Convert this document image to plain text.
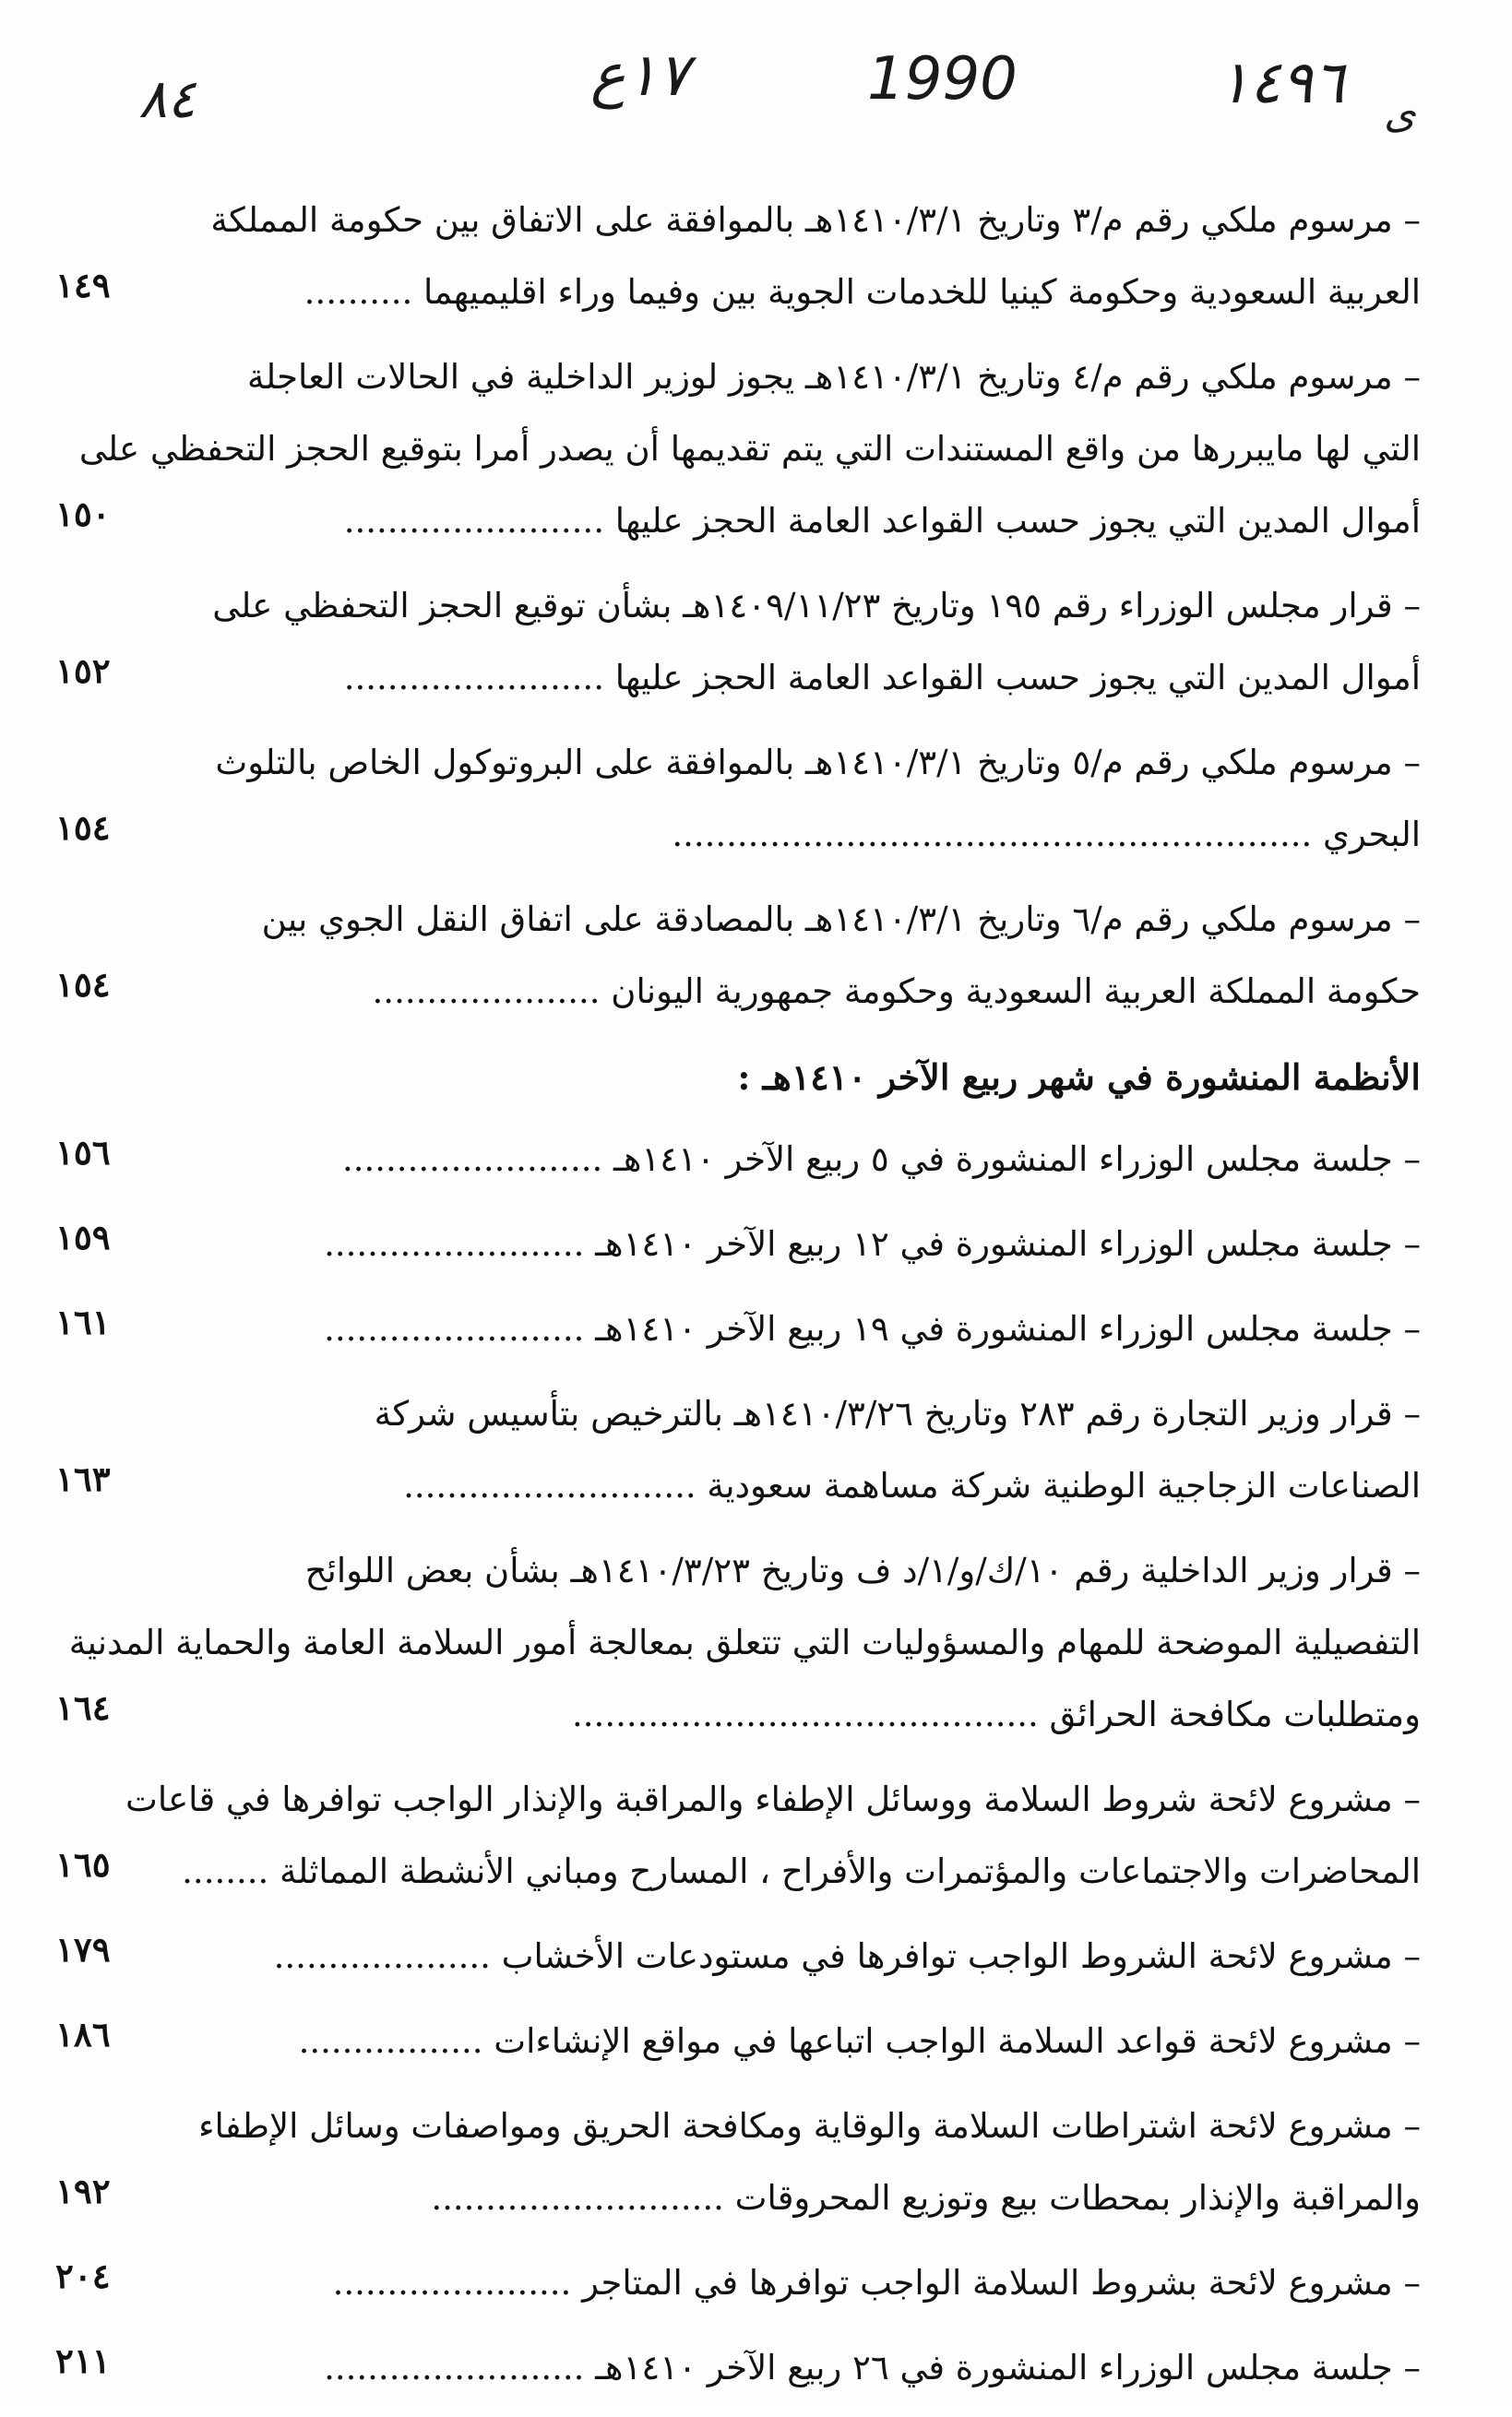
٨٤	١٧ع	1990	١٤٩٦ ى
– مرسوم ملكي رقم م/٣ وتاريخ ١٤١٠/٣/١هـ بالموافقة على الاتفاق بين حكومة المملكة
العربية السعودية وحكومة كينيا للخدمات الجوية بين وفيما وراء اقليميهما ..........
١٤٩
– مرسوم ملكي رقم م/٤ وتاريخ ١٤١٠/٣/١هـ يجوز لوزير الداخلية في الحالات العاجلة
التي لها مايبررها من واقع المستندات التي يتم تقديمها أن يصدر أمرا بتوقيع الحجز التحفظي على
أموال المدين التي يجوز حسب القواعد العامة الحجز عليها ........................
١٥٠
– قرار مجلس الوزراء رقم ١٩٥ وتاريخ ١٤٠٩/١١/٢٣هـ بشأن توقيع الحجز التحفظي على
أموال المدين التي يجوز حسب القواعد العامة الحجز عليها ........................
١٥٢
– مرسوم ملكي رقم م/٥ وتاريخ ١٤١٠/٣/١هـ بالموافقة على البروتوكول الخاص بالتلوث
البحري ...........................................................
١٥٤
– مرسوم ملكي رقم م/٦ وتاريخ ١٤١٠/٣/١هـ بالمصادقة على اتفاق النقل الجوي بين
حكومة المملكة العربية السعودية وحكومة جمهورية اليونان .....................
١٥٤
الأنظمة المنشورة في شهر ربيع الآخر ١٤١٠هـ :
– جلسة مجلس الوزراء المنشورة في ٥ ربيع الآخر ١٤١٠هـ ........................
١٥٦
– جلسة مجلس الوزراء المنشورة في ١٢ ربيع الآخر ١٤١٠هـ ........................
١٥٩
– جلسة مجلس الوزراء المنشورة في ١٩ ربيع الآخر ١٤١٠هـ ........................
١٦١
– قرار وزير التجارة رقم ٢٨٣ وتاريخ ١٤١٠/٣/٢٦هـ بالترخيص بتأسيس شركة
الصناعات الزجاجية الوطنية شركة مساهمة سعودية ...........................
١٦٣
– قرار وزير الداخلية رقم ١٠/ك/و/١/د ف وتاريخ ١٤١٠/٣/٢٣هـ بشأن بعض اللوائح
التفصيلية الموضحة للمهام والمسؤوليات التي تتعلق بمعالجة أمور السلامة العامة والحماية المدنية
ومتطلبات مكافحة الحرائق ...........................................
١٦٤
– مشروع لائحة شروط السلامة ووسائل الإطفاء والمراقبة والإنذار الواجب توافرها في قاعات
المحاضرات والاجتماعات والمؤتمرات والأفراح ، المسارح ومباني الأنشطة المماثلة ........
١٦٥
– مشروع لائحة الشروط الواجب توافرها في مستودعات الأخشاب ....................
١٧٩
– مشروع لائحة قواعد السلامة الواجب اتباعها في مواقع الإنشاءات .................
١٨٦
– مشروع لائحة اشتراطات السلامة والوقاية ومكافحة الحريق ومواصفات وسائل الإطفاء
والمراقبة والإنذار بمحطات بيع وتوزيع المحروقات ...........................
١٩٢
– مشروع لائحة بشروط السلامة الواجب توافرها في المتاجر ......................
٢٠٤
– جلسة مجلس الوزراء المنشورة في ٢٦ ربيع الآخر ١٤١٠هـ ........................
٢١١
